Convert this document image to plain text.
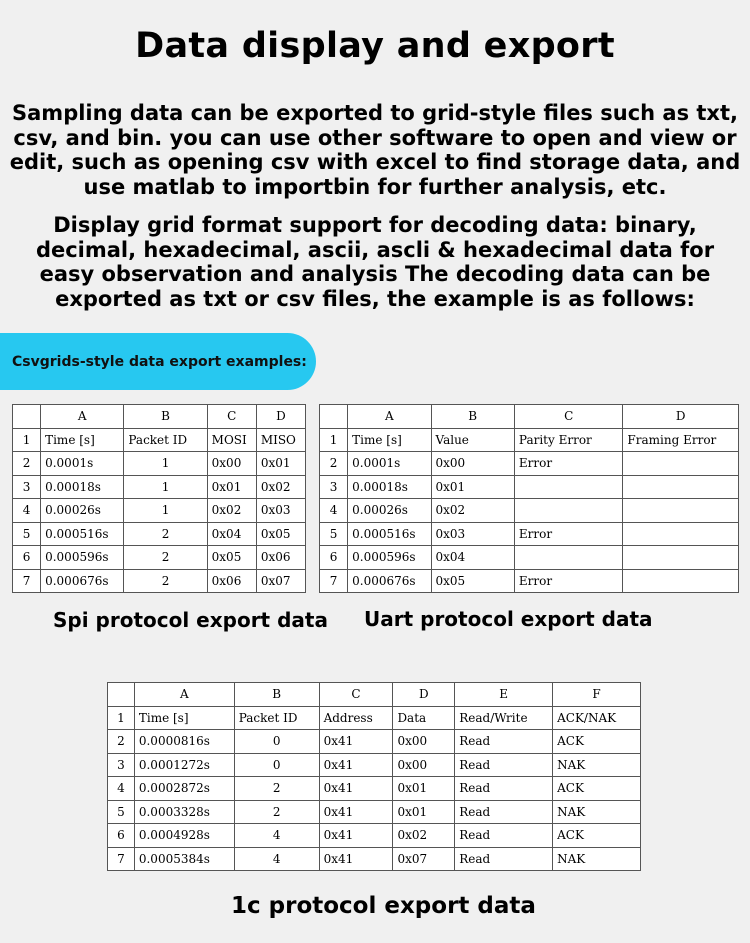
Data display and export
Sampling data can be exported to grid-style files such as txt, csv, and bin. you can use other software to open and view or edit, such as opening csv with excel to find storage data, and use matlab to importbin for further analysis, etc.
Display grid format support for decoding data: binary, decimal, hexadecimal, ascii, ascli & hexadecimal data for easy observation and analysis The decoding data can be exported as txt or csv files, the example is as follows:
Csvgrids-style data export examples:
	A	B	C	D
1	Time [s]	Packet ID	MOSI	MISO
2	0.0001s	1	0x00	0x01
3	0.00018s	1	0x01	0x02
4	0.00026s	1	0x02	0x03
5	0.000516s	2	0x04	0x05
6	0.000596s	2	0x05	0x06
7	0.000676s	2	0x06	0x07
Spi protocol export data
	A	B	C	D
1	Time [s]	Value	Parity Error	Framing Error
2	0.0001s	0x00	Error	
3	0.00018s	0x01		
4	0.00026s	0x02		
5	0.000516s	0x03	Error	
6	0.000596s	0x04		
7	0.000676s	0x05	Error	
Uart protocol export data
	A	B	C	D	E	F
1	Time [s]	Packet ID	Address	Data	Read/Write	ACK/NAK
2	0.0000816s	0	0x41	0x00	Read	ACK
3	0.0001272s	0	0x41	0x00	Read	NAK
4	0.0002872s	2	0x41	0x01	Read	ACK
5	0.0003328s	2	0x41	0x01	Read	NAK
6	0.0004928s	4	0x41	0x02	Read	ACK
7	0.0005384s	4	0x41	0x07	Read	NAK
1c protocol export data
